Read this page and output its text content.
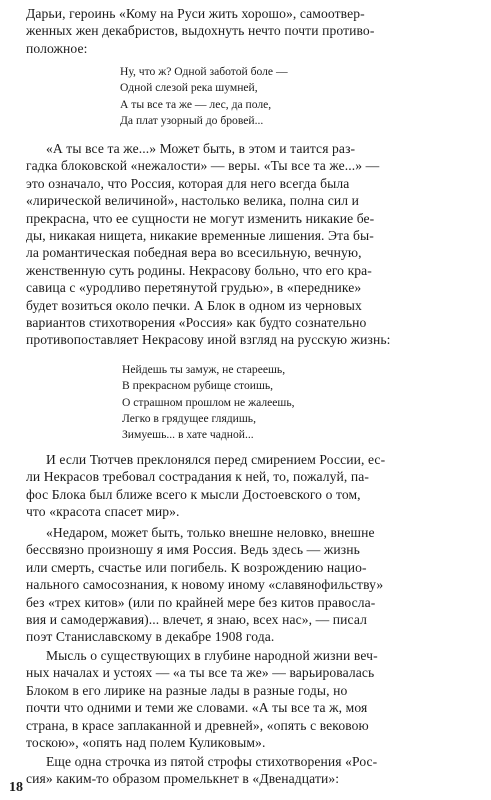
Дарьи, героинь «Кому на Руси жить хорошо», самоотвер-
женных жен декабристов, выдохнуть нечто почти противо-
положное:
Ну, что ж? Одной заботой боле —
Одной слезой река шумней,
А ты все та же — лес, да поле,
Да плат узорный до бровей...
«А ты все та же...» Может быть, в этом и таится раз-
гадка блоковской «нежалости» — веры. «Ты все та же...» —
это означало, что Россия, которая для него всегда была
«лирической величиной», настолько велика, полна сил и
прекрасна, что ее сущности не могут изменить никакие бе-
ды, никакая нищета, никакие временные лишения. Эта бы-
ла романтическая победная вера во всесильную, вечную,
женственную суть родины. Некрасову больно, что его кра-
савица с «уродливо перетянутой грудью», в «переднике»
будет возиться около печки. А Блок в одном из черновых
вариантов стихотворения «Россия» как будто сознательно
противопоставляет Некрасову иной взгляд на русскую жизнь:
Нейдешь ты замуж, не стареешь,
В прекрасном рубище стоишь,
О страшном прошлом не жалеешь,
Легко в грядущее глядишь,
Зимуешь... в хате чадной...
И если Тютчев преклонялся перед смирением России, ес-
ли Некрасов требовал сострадания к ней, то, пожалуй, па-
фос Блока был ближе всего к мысли Достоевского о том,
что «красота спасет мир».
«Недаром, может быть, только внешне неловко, внешне
бессвязно произношу я имя Россия. Ведь здесь — жизнь
или смерть, счастье или погибель. К возрождению нацио-
нального самосознания, к новому иному «славянофильству»
без «трех китов» (или по крайней мере без китов правосла-
вия и самодержавия)... влечет, я знаю, всех нас», — писал
поэт Станиславскому в декабре 1908 года.
Мысль о существующих в глубине народной жизни веч-
ных началах и устоях — «а ты все та же» — варьировалась
Блоком в его лирике на разные лады в разные годы, но
почти что одними и теми же словами. «А ты все та ж, моя
страна, в красе заплаканной и древней», «опять с вековою
тоскою», «опять над полем Куликовым».
Еще одна строчка из пятой строфы стихотворения «Рос-
сия» каким-то образом промелькнет в «Двенадцати»:
18
